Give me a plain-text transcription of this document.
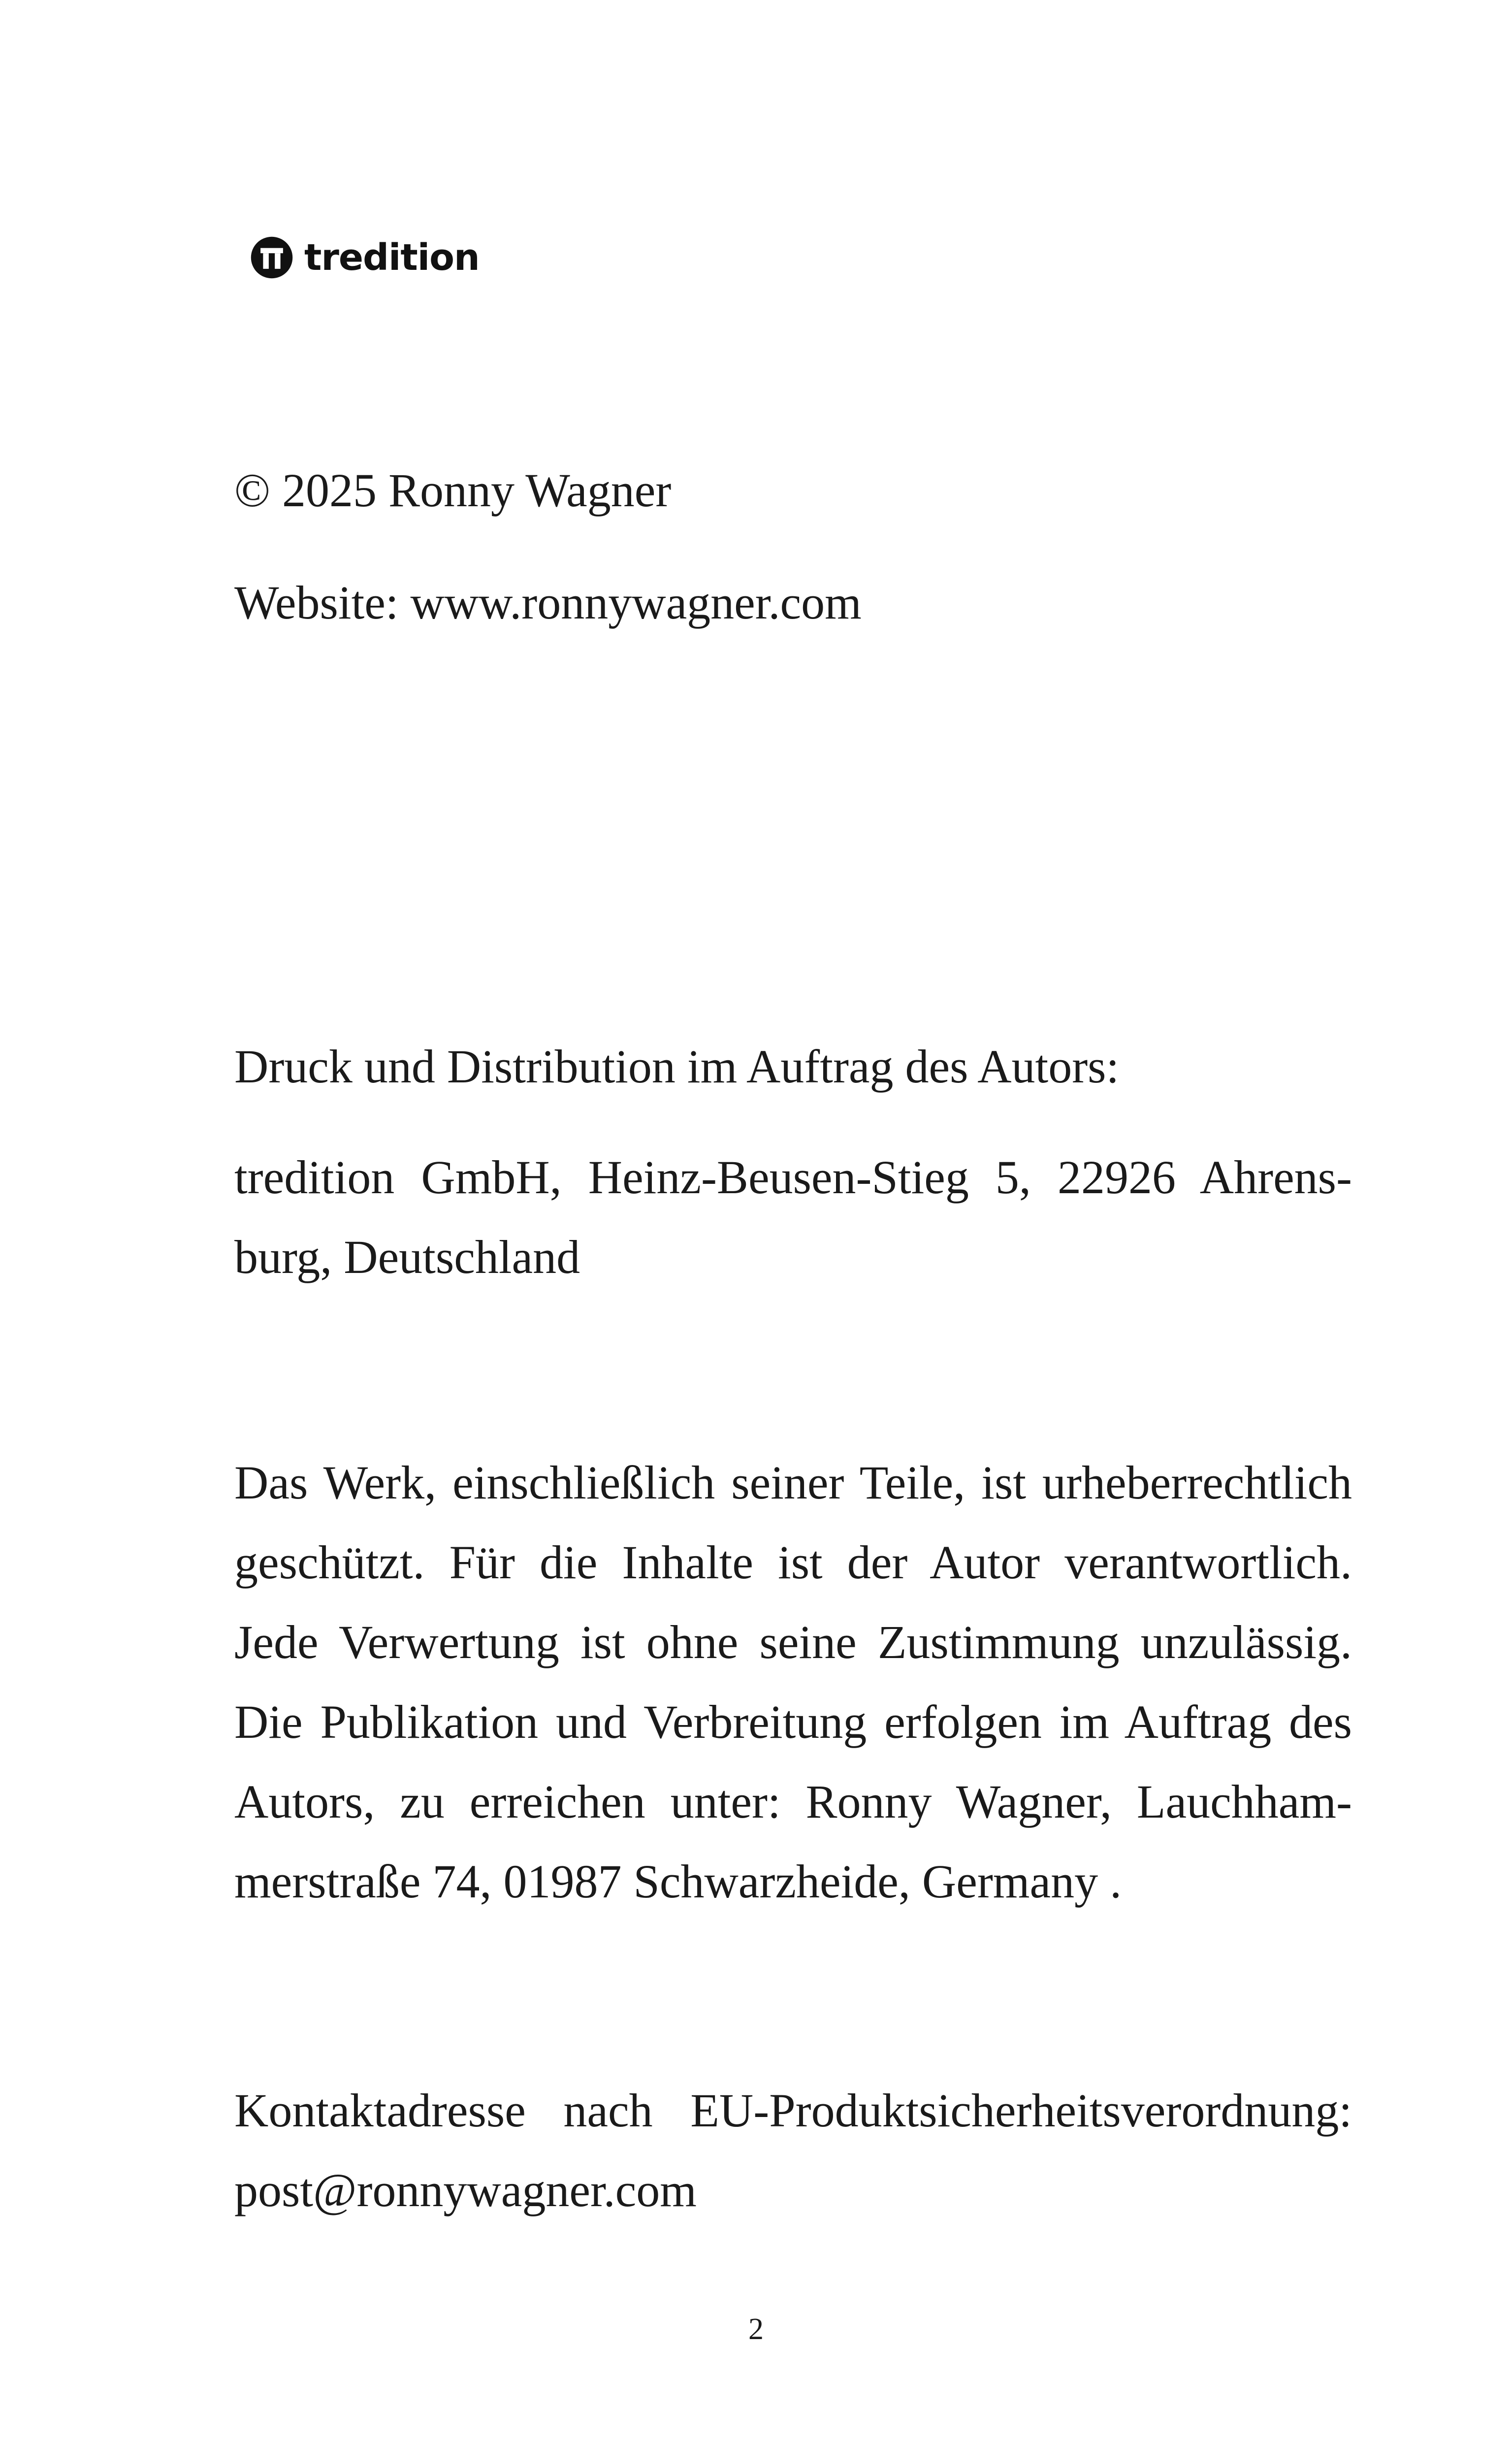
tredition

© 2025 Ronny Wagner

Website: www.ronnywagner.com

Druck und Distribution im Auftrag des Autors:

tredition GmbH, Heinz-Beusen-Stieg 5, 22926 Ahrens-burg, Deutschland

Das Werk, einschließlich seiner Teile, ist urheberrechtlich geschützt. Für die Inhalte ist der Autor verantwortlich. Jede Verwertung ist ohne seine Zustimmung unzulässig. Die Publikation und Verbreitung erfolgen im Auftrag des Autors, zu erreichen unter: Ronny Wagner, Lauchham-merstraße 74, 01987 Schwarzheide, Germany .

Kontaktadresse nach EU-Produktsicherheitsverordnung: post@ronnywagner.com

2
